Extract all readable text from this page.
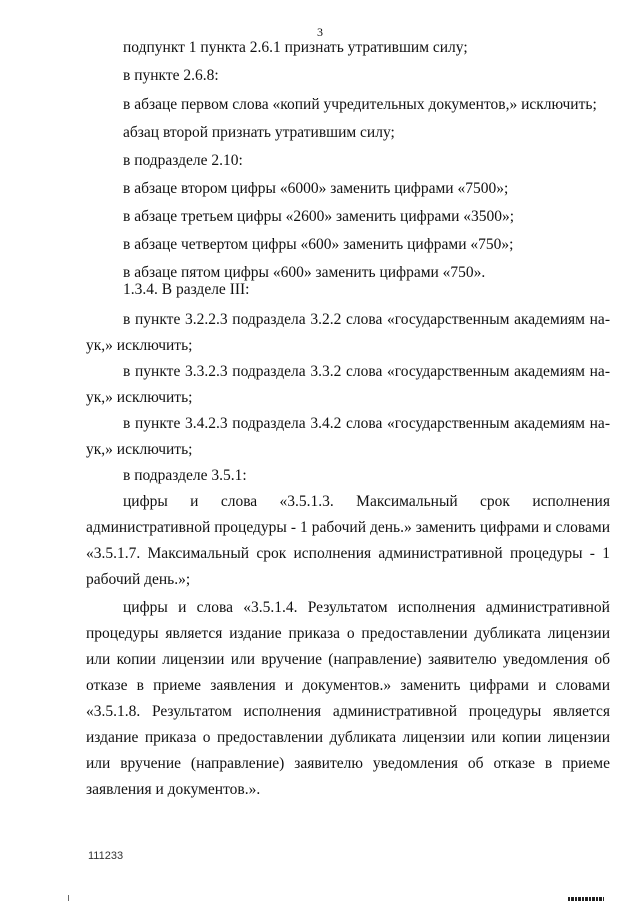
3
подпункт 1 пункта 2.6.1 признать утратившим силу;
в пункте 2.6.8:
в абзаце первом слова «копий учредительных документов,» исключить;
абзац второй признать утратившим силу;
в подразделе 2.10:
в абзаце втором цифры «6000» заменить цифрами «7500»;
в абзаце третьем цифры «2600» заменить цифрами «3500»;
в абзаце четвертом цифры «600» заменить цифрами «750»;
в абзаце пятом цифры «600» заменить цифрами «750».
1.3.4. В разделе III:
в пункте 3.2.2.3 подраздела 3.2.2 слова «государственным академиям на-
ук,» исключить;
в пункте 3.3.2.3 подраздела 3.3.2 слова «государственным академиям на-
ук,» исключить;
в пункте 3.4.2.3 подраздела 3.4.2 слова «государственным академиям на-
ук,» исключить;
в подразделе 3.5.1:
цифры и слова «3.5.1.3. Максимальный срок исполнения
административной процедуры - 1 рабочий день.» заменить цифрами и словами «3.5.1.7. Максимальный срок исполнения административной процедуры - 1 рабочий день.»;
цифры и слова «3.5.1.4. Результатом исполнения административной
процедуры является издание приказа о предоставлении дубликата лицензии или копии лицензии или вручение (направление) заявителю уведомления об отказе в приеме заявления и документов.» заменить цифрами и словами «3.5.1.8. Результатом исполнения административной процедуры является издание приказа о предоставлении дубликата лицензии или копии лицензии или вручение (направление) заявителю уведомления об отказе в приеме заявления и документов.».
111233
